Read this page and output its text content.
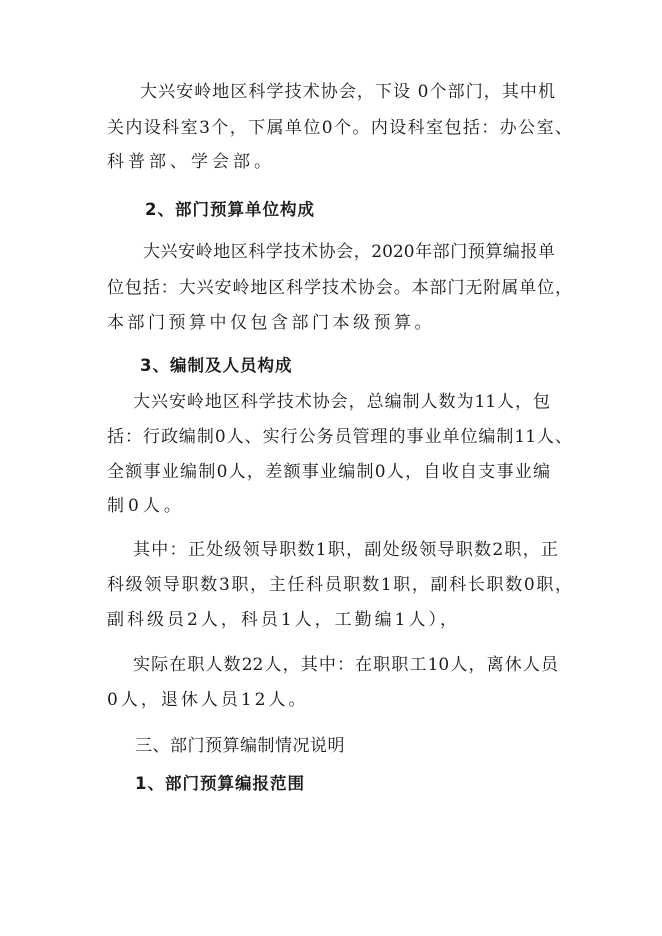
大兴安岭地区科学技术协会，下设 0个部门，其中机
关内设科室3个，下属单位0个。内设科室包括：办公室、
科普部、学会部。
2、部门预算单位构成
大兴安岭地区科学技术协会，2020年部门预算编报单
位包括：大兴安岭地区科学技术协会。本部门无附属单位，
本部门预算中仅包含部门本级预算。
3、编制及人员构成
大兴安岭地区科学技术协会，总编制人数为11人，包
括：行政编制0人、实行公务员管理的事业单位编制11人、
全额事业编制0人，差额事业编制0人，自收自支事业编
制0人。
其中：正处级领导职数1职，副处级领导职数2职，正
科级领导职数3职，主任科员职数1职，副科长职数0职，
副科级员2人，科员1人，工勤编1人），
实际在职人数22人，其中：在职职工10人，离休人员
0人，退休人员12人。
三、部门预算编制情况说明
1、部门预算编报范围
